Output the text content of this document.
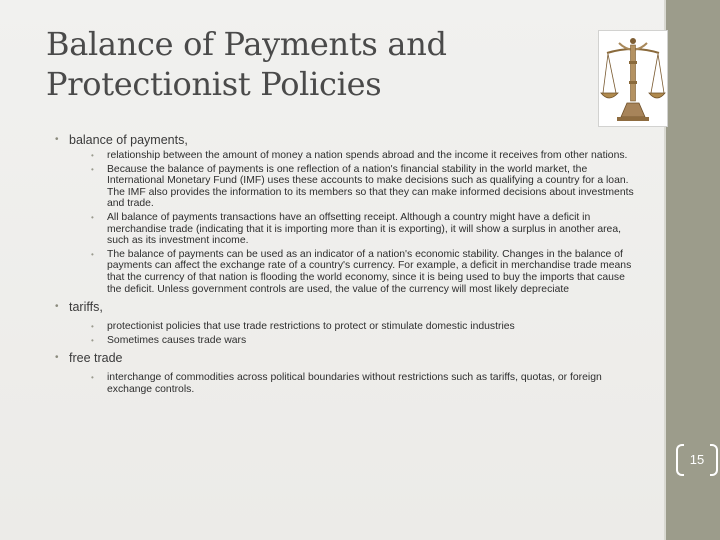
Balance of Payments and
Protectionist Policies
• balance of payments,
• relationship between the amount of money a nation spends abroad and the income it receives from other nations.
• Because the balance of payments is one reflection of a nation's financial stability in the world market, the International Monetary Fund (IMF) uses these accounts to make decisions such as qualifying a country for a loan. The IMF also provides the information to its members so that they can make informed decisions about investments and trade.
• All balance of payments transactions have an offsetting receipt. Although a country might have a deficit in merchandise trade (indicating that it is importing more than it is exporting), it will show a surplus in another area, such as its investment income.
• The balance of payments can be used as an indicator of a nation's economic stability. Changes in the balance of payments can affect the exchange rate of a country's currency. For example, a deficit in merchandise trade means that the currency of that nation is flooding the world economy, since it is being used to buy the imports that cause the deficit. Unless government controls are used, the value of the currency will most likely depreciate
• tariffs,
• protectionist policies that use trade restrictions to protect or stimulate domestic industries
• Sometimes causes trade wars
• free trade
• interchange of commodities across political boundaries without restrictions such as tariffs, quotas, or foreign exchange controls.
15
